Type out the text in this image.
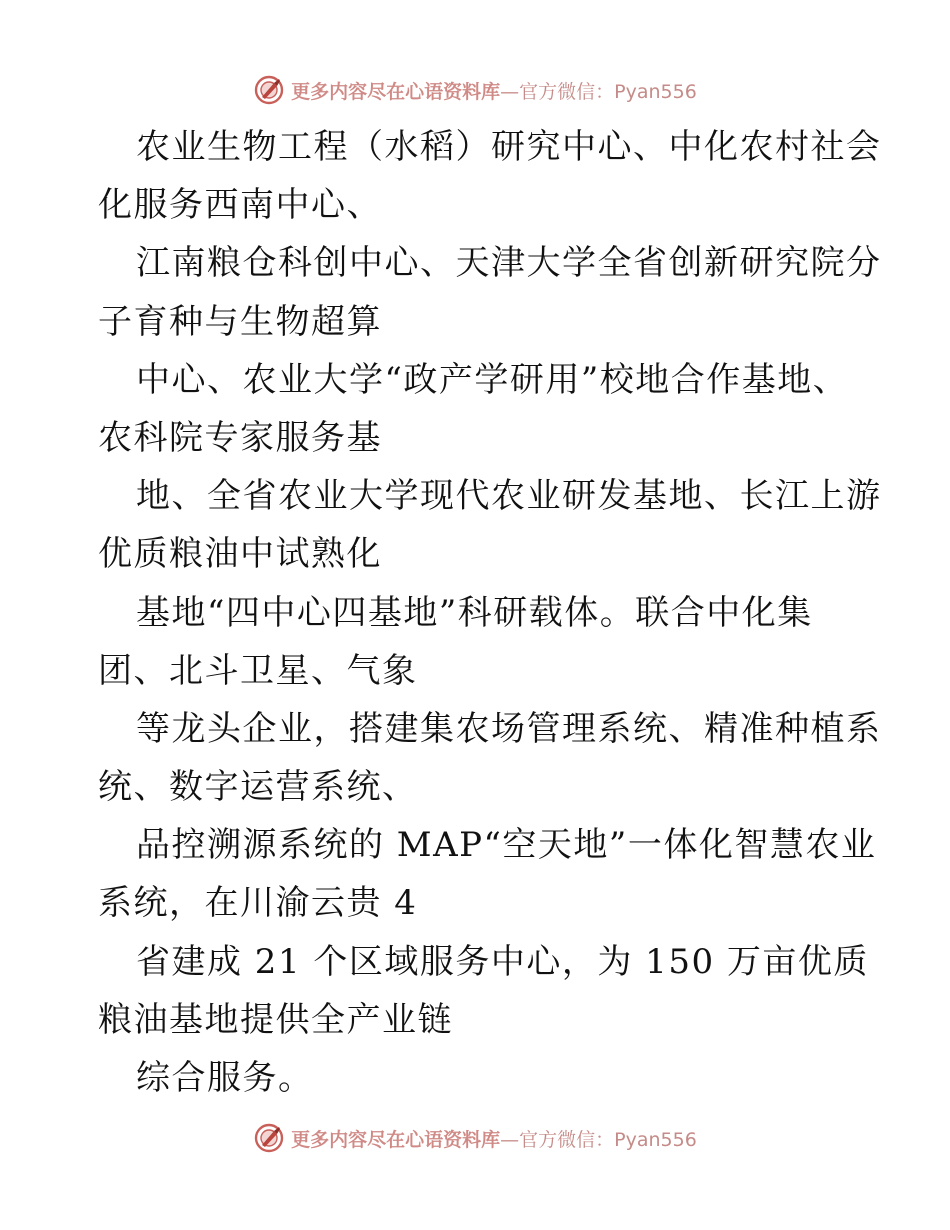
更多内容尽在心语资料库—官方微信：Pyan556
农业生物工程（水稻）研究中心、中化农村社会
化服务西南中心、
江南粮仓科创中心、天津大学全省创新研究院分
子育种与生物超算
中心、农业大学“政产学研用”校地合作基地、
农科院专家服务基
地、全省农业大学现代农业研发基地、长江上游
优质粮油中试熟化
基地“四中心四基地”科研载体。联合中化集
团、北斗卫星、气象
等龙头企业，搭建集农场管理系统、精准种植系
统、数字运营系统、
品控溯源系统的 MAP“空天地”一体化智慧农业
系统，在川渝云贵 4
省建成 21 个区域服务中心，为 150 万亩优质
粮油基地提供全产业链
综合服务。
更多内容尽在心语资料库—官方微信：Pyan556
